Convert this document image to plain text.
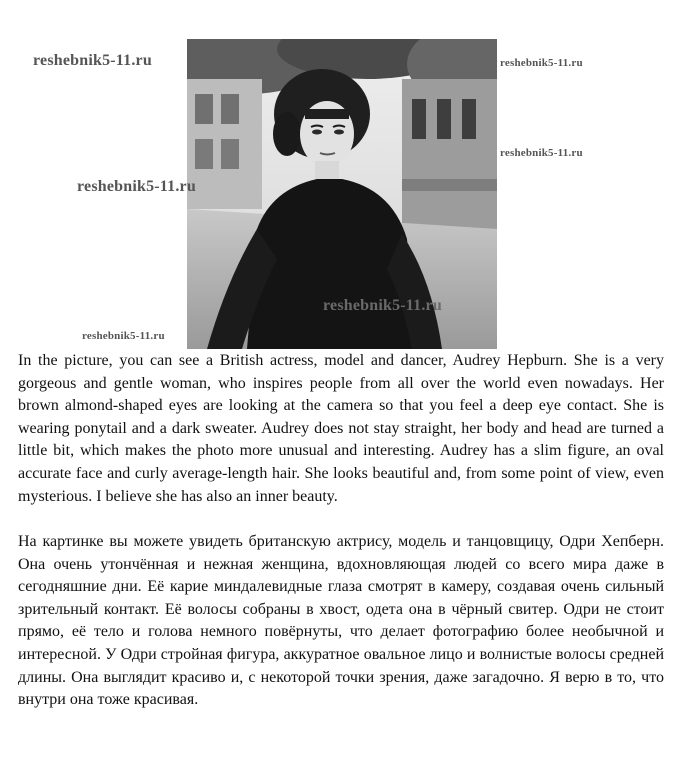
reshebnik5-11.ru	reshebnik5-11.ru
reshebnik5-11.ru
reshebnik5-11.ru
reshebnik5-11.ru
reshebnik5-11.ru

In the picture, you can see a British actress, model and dancer, Audrey Hepburn. She is a very gorgeous and gentle woman, who inspires people from all over the world even nowadays. Her brown almond-shaped eyes are looking at the camera so that you feel a deep eye contact. She is wearing ponytail and a dark sweater. Audrey does not stay straight, her body and head are turned a little bit, which makes the photo more unusual and interesting. Audrey has a slim figure, an oval accurate face and curly average-length hair. She looks beautiful and, from some point of view, even mysterious. I believe she has also an inner beauty.

На картинке вы можете увидеть британскую актрису, модель и танцовщицу, Одри Хепберн. Она очень утончённая и нежная женщина, вдохновляющая людей со всего мира даже в сегодняшние дни. Её карие миндалевидные глаза смотрят в камеру, создавая очень сильный зрительный контакт. Её волосы собраны в хвост, одета она в чёрный свитер. Одри не стоит прямо, её тело и голова немного повёрнуты, что делает фотографию более необычной и интересной. У Одри стройная фигура, аккуратное овальное лицо и волнистые волосы средней длины. Она выглядит красиво и, с некоторой точки зрения, даже загадочно. Я верю в то, что внутри она тоже красивая.
